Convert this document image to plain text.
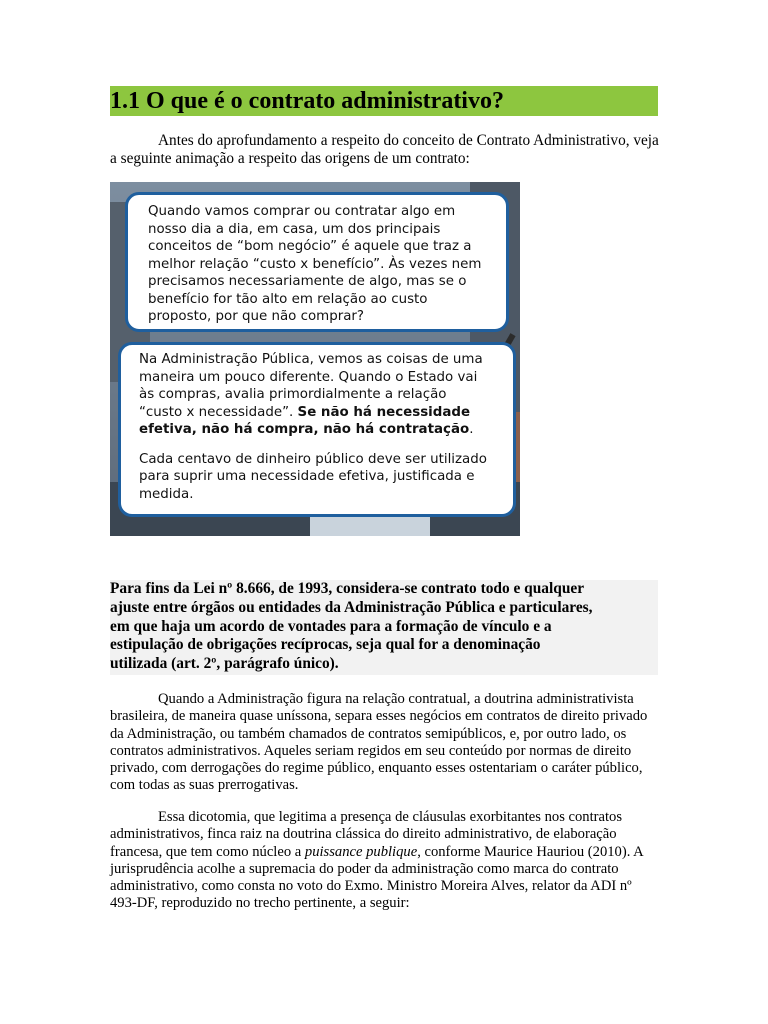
1.1 O que é o contrato administrativo?

Antes do aprofundamento a respeito do conceito de Contrato Administrativo, veja a seguinte animação a respeito das origens de um contrato:

Quando vamos comprar ou contratar algo em

nosso dia a dia, em casa, um dos principais

conceitos de “bom negócio” é aquele que traz a

melhor relação “custo x benefício”. Às vezes nem

precisamos necessariamente de algo, mas se o

benefício for tão alto em relação ao custo

proposto, por que não comprar?

Na Administração Pública, vemos as coisas de uma

maneira um pouco diferente. Quando o Estado vai

às compras, avalia primordialmente a relação

“custo x necessidade”. Se não há necessidade

efetiva, não há compra, não há contratação.

Cada centavo de dinheiro público deve ser utilizado

para suprir uma necessidade efetiva, justificada e

medida.

Para fins da Lei nº 8.666, de 1993, considera-se contrato todo e qualquer

ajuste entre órgãos ou entidades da Administração Pública e particulares,

em que haja um acordo de vontades para a formação de vínculo e a

estipulação de obrigações recíprocas, seja qual for a denominação

utilizada (art. 2º, parágrafo único).

Quando a Administração figura na relação contratual, a doutrina administrativista brasileira, de maneira quase uníssona, separa esses negócios em contratos de direito privado da Administração, ou também chamados de contratos semipúblicos, e, por outro lado, os contratos administrativos. Aqueles seriam regidos em seu conteúdo por normas de direito privado, com derrogações do regime público, enquanto esses ostentariam o caráter público, com todas as suas prerrogativas.

Essa dicotomia, que legitima a presença de cláusulas exorbitantes nos contratos administrativos, finca raiz na doutrina clássica do direito administrativo, de elaboração francesa, que tem como núcleo a puissance publique, conforme Maurice Hauriou (2010). A jurisprudência acolhe a supremacia do poder da administração como marca do contrato administrativo, como consta no voto do Exmo. Ministro Moreira Alves, relator da ADI nº 493-DF, reproduzido no trecho pertinente, a seguir:
